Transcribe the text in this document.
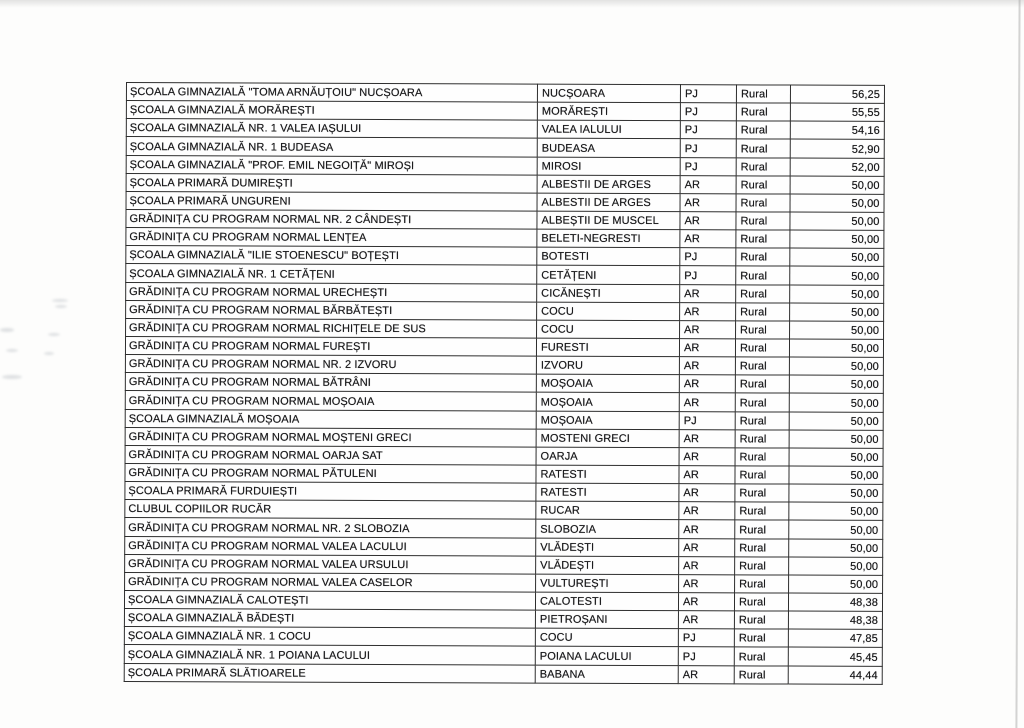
ȘCOALA GIMNAZIALĂ "TOMA ARNĂUȚOIU" NUCȘOARA	NUCȘOARA	PJ	Rural	56,25
ȘCOALA GIMNAZIALĂ MORĂREȘTI	MORĂREȘTI	PJ	Rural	55,55
ȘCOALA GIMNAZIALĂ NR. 1 VALEA IAȘULUI	VALEA IALULUI	PJ	Rural	54,16
ȘCOALA GIMNAZIALĂ NR. 1 BUDEASA	BUDEASA	PJ	Rural	52,90
ȘCOALA GIMNAZIALĂ "PROF. EMIL NEGOIȚĂ" MIROȘI	MIROSI	PJ	Rural	52,00
ȘCOALA PRIMARĂ DUMIREȘTI	ALBESTII DE ARGES	AR	Rural	50,00
ȘCOALA PRIMARĂ UNGURENI	ALBESTII DE ARGES	AR	Rural	50,00
GRĂDINIȚA CU PROGRAM NORMAL NR. 2 CÂNDEȘTI	ALBEȘTII DE MUSCEL	AR	Rural	50,00
GRĂDINIȚA CU PROGRAM NORMAL LENȚEA	BELETI-NEGRESTI	AR	Rural	50,00
ȘCOALA GIMNAZIALĂ "ILIE STOENESCU" BOȚEȘTI	BOTESTI	PJ	Rural	50,00
ȘCOALA GIMNAZIALĂ NR. 1 CETĂȚENI	CETĂȚENI	PJ	Rural	50,00
GRĂDINIȚA CU PROGRAM NORMAL URECHEȘTI	CICĂNEȘTI	AR	Rural	50,00
GRĂDINIȚA CU PROGRAM NORMAL BĂRBĂTEȘTI	COCU	AR	Rural	50,00
GRĂDINIȚA CU PROGRAM NORMAL RICHIȚELE DE SUS	COCU	AR	Rural	50,00
GRĂDINIȚA CU PROGRAM NORMAL FUREȘTI	FURESTI	AR	Rural	50,00
GRĂDINIȚA CU PROGRAM NORMAL NR. 2 IZVORU	IZVORU	AR	Rural	50,00
GRĂDINIȚA CU PROGRAM NORMAL BĂTRÂNI	MOȘOAIA	AR	Rural	50,00
GRĂDINIȚA CU PROGRAM NORMAL MOȘOAIA	MOȘOAIA	AR	Rural	50,00
ȘCOALA GIMNAZIALĂ MOȘOAIA	MOȘOAIA	PJ	Rural	50,00
GRĂDINIȚA CU PROGRAM NORMAL MOȘTENI GRECI	MOSTENI GRECI	AR	Rural	50,00
GRĂDINIȚA CU PROGRAM NORMAL OARJA SAT	OARJA	AR	Rural	50,00
GRĂDINIȚA CU PROGRAM NORMAL PĂTULENI	RATESTI	AR	Rural	50,00
ȘCOALA PRIMARĂ FURDUIEȘTI	RATESTI	AR	Rural	50,00
CLUBUL COPIILOR RUCĂR	RUCAR	AR	Rural	50,00
GRĂDINIȚA CU PROGRAM NORMAL NR. 2 SLOBOZIA	SLOBOZIA	AR	Rural	50,00
GRĂDINIȚA CU PROGRAM NORMAL VALEA LACULUI	VLĂDEȘTI	AR	Rural	50,00
GRĂDINIȚA CU PROGRAM NORMAL VALEA URSULUI	VLĂDEȘTI	AR	Rural	50,00
GRĂDINIȚA CU PROGRAM NORMAL VALEA CASELOR	VULTUREȘTI	AR	Rural	50,00
ȘCOALA GIMNAZIALĂ CALOTEȘTI	CALOTESTI	AR	Rural	48,38
ȘCOALA GIMNAZIALĂ BĂDEȘTI	PIETROȘANI	AR	Rural	48,38
ȘCOALA GIMNAZIALĂ NR. 1 COCU	COCU	PJ	Rural	47,85
ȘCOALA GIMNAZIALĂ NR. 1 POIANA LACULUI	POIANA LACULUI	PJ	Rural	45,45
ȘCOALA PRIMARĂ SLĂTIOARELE	BABANA	AR	Rural	44,44
